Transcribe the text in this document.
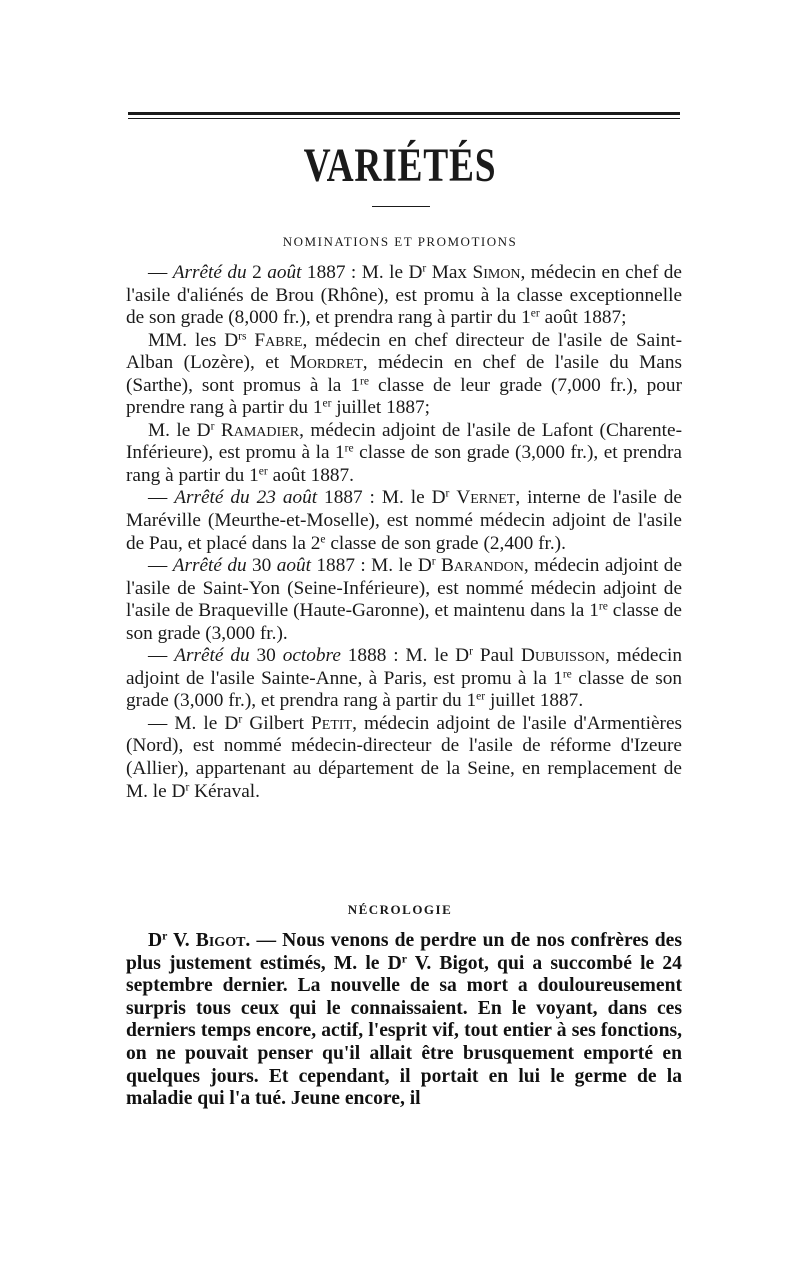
VARIÉTÉS
NOMINATIONS ET PROMOTIONS

— Arrêté du 2 août 1887 : M. le $D^r$ Max Simon, médecin en chef de l'asile d'aliénés de Brou (Rhône), est promu à la classe exceptionnelle de son grade (8,000 fr.), et prendra rang à partir du 1er août 1887;

MM. les $D^{rs}$ Fabre, médecin en chef directeur de l'asile de Saint-Alban (Lozère), et Mordret, médecin en chef de l'asile du Mans (Sarthe), sont promus à la 1re classe de leur grade (7,000 fr.), pour prendre rang à partir du 1er juillet 1887;

M. le $D^r$ Ramadier, médecin adjoint de l'asile de Lafont (Charente-Inférieure), est promu à la 1re classe de son grade (3,000 fr.), et prendra rang à partir du 1er août 1887.

— Arrêté du 23 août 1887 : M. le $D^r$ Vernet, interne de l'asile de Maréville (Meurthe-et-Moselle), est nommé médecin adjoint de l'asile de Pau, et placé dans la 2e classe de son grade (2,400 fr.).

— Arrêté du 30 août 1887 : M. le $D^r$ Barandon, médecin adjoint de l'asile de Saint-Yon (Seine-Inférieure), est nommé médecin adjoint de l'asile de Braqueville (Haute-Garonne), et maintenu dans la 1re classe de son grade (3,000 fr.).

— Arrêté du 30 octobre 1888 : M. le $D^r$ Paul Dubuisson, médecin adjoint de l'asile Sainte-Anne, à Paris, est promu à la 1re classe de son grade (3,000 fr.), et prendra rang à partir du 1er juillet 1887.

— M. le $D^r$ Gilbert Petit, médecin adjoint de l'asile d'Armentières (Nord), est nommé médecin-directeur de l'asile de réforme d'Izeure (Allier), appartenant au département de la Seine, en remplacement de M. le $D^r$ Kéraval.

NÉCROLOGIE

$D^r$ V. Bigot. — Nous venons de perdre un de nos confrères des plus justement estimés, M. le $D^r$ V. Bigot, qui a succombé le 24 septembre dernier. La nouvelle de sa mort a douloureusement surpris tous ceux qui le connaissaient. En le voyant, dans ces derniers temps encore, actif, l'esprit vif, tout entier à ses fonctions, on ne pouvait penser qu'il allait être brusquement emporté en quelques jours. Et cependant, il portait en lui le germe de la maladie qui l'a tué. Jeune encore, il
